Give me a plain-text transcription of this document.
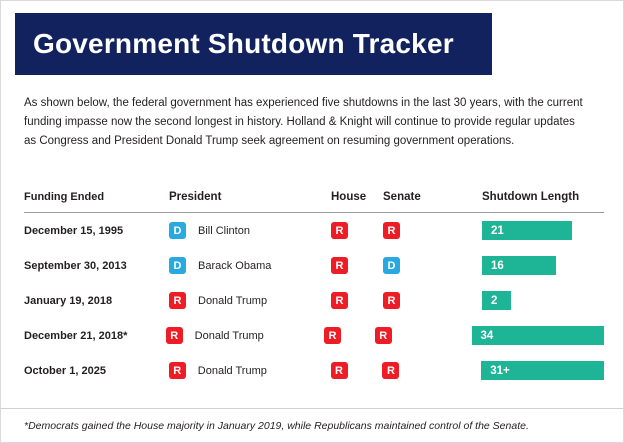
Government Shutdown Tracker
As shown below, the federal government has experienced five shutdowns in the last 30 years, with the current funding impasse now the second longest in history. Holland & Knight will continue to provide regular updates as Congress and President Donald Trump seek agreement on resuming government operations.
Funding Ended	President	House	Senate	Shutdown Length
December 15, 1995	D	Bill Clinton	R	R	21
September 30, 2013	D	Barack Obama	R	D	16
January 19, 2018	R	Donald Trump	R	R	2
December 21, 2018*	R	Donald Trump	R	R	34
October 1, 2025	R	Donald Trump	R	R	31+
*Democrats gained the House majority in January 2019, while Republicans maintained control of the Senate.
